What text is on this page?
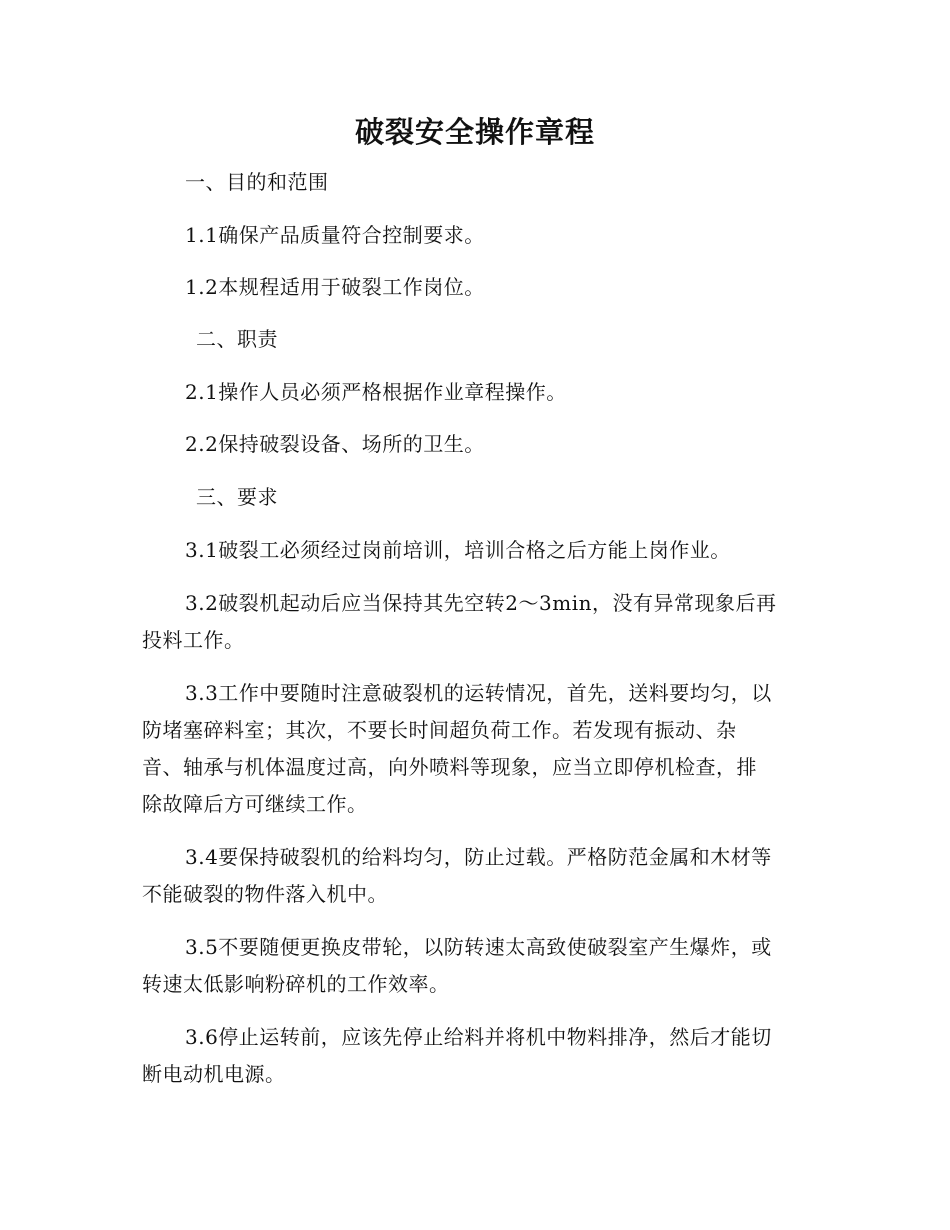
破裂安全操作章程

一、目的和范围

1.1确保产品质量符合控制要求。

1.2本规程适用于破裂工作岗位。

二、职责

2.1操作人员必须严格根据作业章程操作。

2.2保持破裂设备、场所的卫生。

三、要求

3.1破裂工必须经过岗前培训，培训合格之后方能上岗作业。

3.2破裂机起动后应当保持其先空转2～3min，没有异常现象后再

投料工作。

3.3工作中要随时注意破裂机的运转情况，首先，送料要均匀，以

防堵塞碎料室；其次，不要长时间超负荷工作。若发现有振动、杂

音、轴承与机体温度过高，向外喷料等现象，应当立即停机检查，排

除故障后方可继续工作。

3.4要保持破裂机的给料均匀，防止过载。严格防范金属和木材等

不能破裂的物件落入机中。

3.5不要随便更换皮带轮，以防转速太高致使破裂室产生爆炸，或

转速太低影响粉碎机的工作效率。

3.6停止运转前，应该先停止给料并将机中物料排净，然后才能切

断电动机电源。
